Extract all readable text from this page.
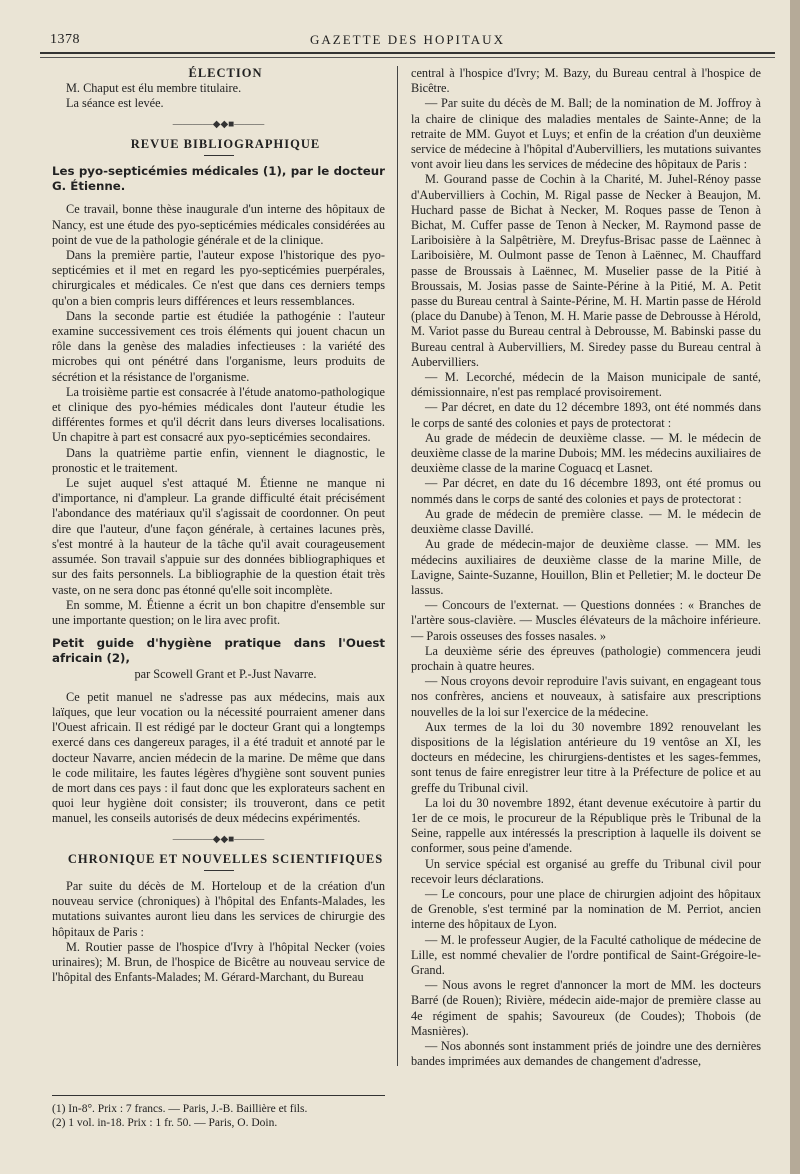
1378	GAZETTE DES HOPITAUX

ÉLECTION

M. Chaput est élu membre titulaire.

La séance est levée.

————◆◆■———

REVUE BIBLIOGRAPHIQUE

Les pyo-septicémies médicales (1), par le docteur G. Étienne.

Ce travail, bonne thèse inaugurale d'un interne des hôpitaux de Nancy, est une étude des pyo-septicémies médicales considérées au point de vue de la pathologie générale et de la clinique.

Dans la première partie, l'auteur expose l'historique des pyo-septicémies et il met en regard les pyo-septicémies puerpérales, chirurgicales et médicales. Ce n'est que dans ces derniers temps qu'on a bien compris leurs différences et leurs ressemblances.

Dans la seconde partie est étudiée la pathogénie : l'auteur examine successivement ces trois éléments qui jouent chacun un rôle dans la genèse des maladies infectieuses : la variété des microbes qui ont pénétré dans l'organisme, leurs produits de sécrétion et la résistance de l'organisme.

La troisième partie est consacrée à l'étude anatomo-pathologique et clinique des pyo-hémies médicales dont l'auteur étudie les différentes formes et qu'il décrit dans leurs diverses localisations. Un chapitre à part est consacré aux pyo-septicémies secondaires.

Dans la quatrième partie enfin, viennent le diagnostic, le pronostic et le traitement.

Le sujet auquel s'est attaqué M. Étienne ne manque ni d'importance, ni d'ampleur. La grande difficulté était précisément l'abondance des matériaux qu'il s'agissait de coordonner. On peut dire que l'auteur, d'une façon générale, à certaines lacunes près, s'est montré à la hauteur de la tâche qu'il avait courageusement assumée. Son travail s'appuie sur des données bibliographiques et sur des faits personnels. La bibliographie de la question était très vaste, on ne sera donc pas étonné qu'elle soit incomplète.

En somme, M. Étienne a écrit un bon chapitre d'ensemble sur une importante question; on le lira avec profit.

Petit guide d'hygiène pratique dans l'Ouest africain (2),

par Scowell Grant et P.-Just Navarre.

Ce petit manuel ne s'adresse pas aux médecins, mais aux laïques, que leur vocation ou la nécessité pourraient amener dans l'Ouest africain. Il est rédigé par le docteur Grant qui a longtemps exercé dans ces dangereux parages, il a été traduit et annoté par le docteur Navarre, ancien médecin de la marine. De même que dans le code militaire, les fautes légères d'hygiène sont souvent punies de mort dans ces pays : il faut donc que les explorateurs sachent en quoi leur hygiène doit consister; ils trouveront, dans ce petit manuel, les conseils autorisés de deux médecins expérimentés.

————◆◆■———

CHRONIQUE ET NOUVELLES SCIENTIFIQUES

Par suite du décès de M. Horteloup et de la création d'un nouveau service (chroniques) à l'hôpital des Enfants-Malades, les mutations suivantes auront lieu dans les services de chirurgie des hôpitaux de Paris :

M. Routier passe de l'hospice d'Ivry à l'hôpital Necker (voies urinaires); M. Brun, de l'hospice de Bicêtre au nouveau service de l'hôpital des Enfants-Malades; M. Gérard-Marchant, du Bureau

central à l'hospice d'Ivry; M. Bazy, du Bureau central à l'hospice de Bicêtre.

— Par suite du décès de M. Ball; de la nomination de M. Joffroy à la chaire de clinique des maladies mentales de Sainte-Anne; de la retraite de MM. Guyot et Luys; et enfin de la création d'un deuxième service de médecine à l'hôpital d'Aubervilliers, les mutations suivantes vont avoir lieu dans les services de médecine des hôpitaux de Paris :

M. Gourand passe de Cochin à la Charité, M. Juhel-Rénoy passe d'Aubervilliers à Cochin, M. Rigal passe de Necker à Beaujon, M. Huchard passe de Bichat à Necker, M. Roques passe de Tenon à Bichat, M. Cuffer passe de Tenon à Necker, M. Raymond passe de Lariboisière à la Salpêtrière, M. Dreyfus-Brisac passe de Laënnec à Lariboisière, M. Oulmont passe de Tenon à Laënnec, M. Chauffard passe de Broussais à Laënnec, M. Muselier passe de la Pitié à Broussais, M. Josias passe de Sainte-Périne à la Pitié, M. A. Petit passe du Bureau central à Sainte-Périne, M. H. Martin passe de Hérold (place du Danube) à Tenon, M. H. Marie passe de Debrousse à Hérold, M. Variot passe du Bureau central à Debrousse, M. Babinski passe du Bureau central à Aubervilliers, M. Siredey passe du Bureau central à Aubervilliers.

— M. Lecorché, médecin de la Maison municipale de santé, démissionnaire, n'est pas remplacé provisoirement.

— Par décret, en date du 12 décembre 1893, ont été nommés dans le corps de santé des colonies et pays de protectorat :

Au grade de médecin de deuxième classe. — M. le médecin de deuxième classe de la marine Dubois; MM. les médecins auxiliaires de deuxième classe de la marine Coguacq et Lasnet.

— Par décret, en date du 16 décembre 1893, ont été promus ou nommés dans le corps de santé des colonies et pays de protectorat :

Au grade de médecin de première classe. — M. le médecin de deuxième classe Davillé.

Au grade de médecin-major de deuxième classe. — MM. les médecins auxiliaires de deuxième classe de la marine Mille, de Lavigne, Sainte-Suzanne, Houillon, Blin et Pelletier; M. le docteur De lassus.

— Concours de l'externat. — Questions données : « Branches de l'artère sous-clavière. — Muscles élévateurs de la mâchoire inférieure. — Parois osseuses des fosses nasales. »

La deuxième série des épreuves (pathologie) commencera jeudi prochain à quatre heures.

— Nous croyons devoir reproduire l'avis suivant, en engageant tous nos confrères, anciens et nouveaux, à satisfaire aux prescriptions nouvelles de la loi sur l'exercice de la médecine.

Aux termes de la loi du 30 novembre 1892 renouvelant les dispositions de la législation antérieure du 19 ventôse an XI, les docteurs en médecine, les chirurgiens-dentistes et les sages-femmes, sont tenus de faire enregistrer leur titre à la Préfecture de police et au greffe du Tribunal civil.

La loi du 30 novembre 1892, étant devenue exécutoire à partir du 1er de ce mois, le procureur de la République près le Tribunal de la Seine, rappelle aux intéressés la prescription à laquelle ils doivent se conformer, sous peine d'amende.

Un service spécial est organisé au greffe du Tribunal civil pour recevoir leurs déclarations.

— Le concours, pour une place de chirurgien adjoint des hôpitaux de Grenoble, s'est terminé par la nomination de M. Perriot, ancien interne des hôpitaux de Lyon.

— M. le professeur Augier, de la Faculté catholique de médecine de Lille, est nommé chevalier de l'ordre pontifical de Saint-Grégoire-le-Grand.

— Nous avons le regret d'annoncer la mort de MM. les docteurs Barré (de Rouen); Rivière, médecin aide-major de première classe au 4e régiment de spahis; Savoureux (de Coudes); Thobois (de Masnières).

— Nos abonnés sont instamment priés de joindre une des dernières bandes imprimées aux demandes de changement d'adresse,

(1) In-8°. Prix : 7 francs. — Paris, J.-B. Baillière et fils.
(2) 1 vol. in-18. Prix : 1 fr. 50. — Paris, O. Doin.
